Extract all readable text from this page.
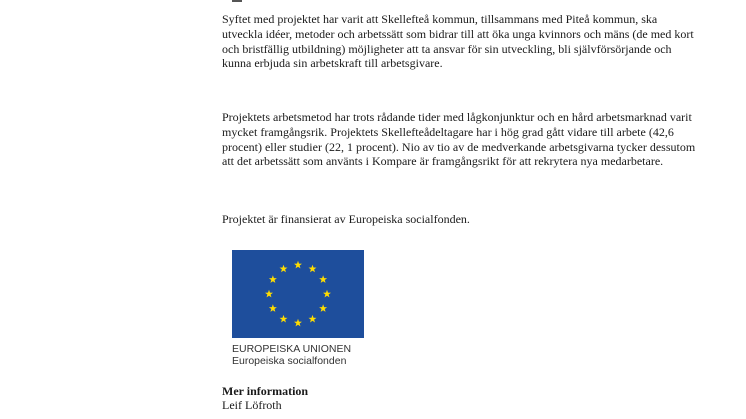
Syftet med projektet har varit att Skellefteå kommun, tillsammans med Piteå kommun, ska utveckla idéer, metoder och arbetssätt som bidrar till att öka unga kvinnors och mäns (de med kort och bristfällig utbildning) möjligheter att ta ansvar för sin utveckling, bli självförsörjande och kunna erbjuda sin arbetskraft till arbetsgivare.

Projektets arbetsmetod har trots rådande tider med lågkonjunktur och en hård arbetsmarknad varit mycket framgångsrik. Projektets Skellefteådeltagare har i hög grad gått vidare till arbete (42,6 procent) eller studier (22, 1 procent). Nio av tio av de medverkande arbetsgivarna tycker dessutom att det arbetssätt som använts i Kompare är framgångsrikt för att rekrytera nya medarbetare.

Projektet är finansierat av Europeiska socialfonden.

EUROPEISKA UNIONEN
Europeiska socialfonden
Mer information
Leif Löfroth
